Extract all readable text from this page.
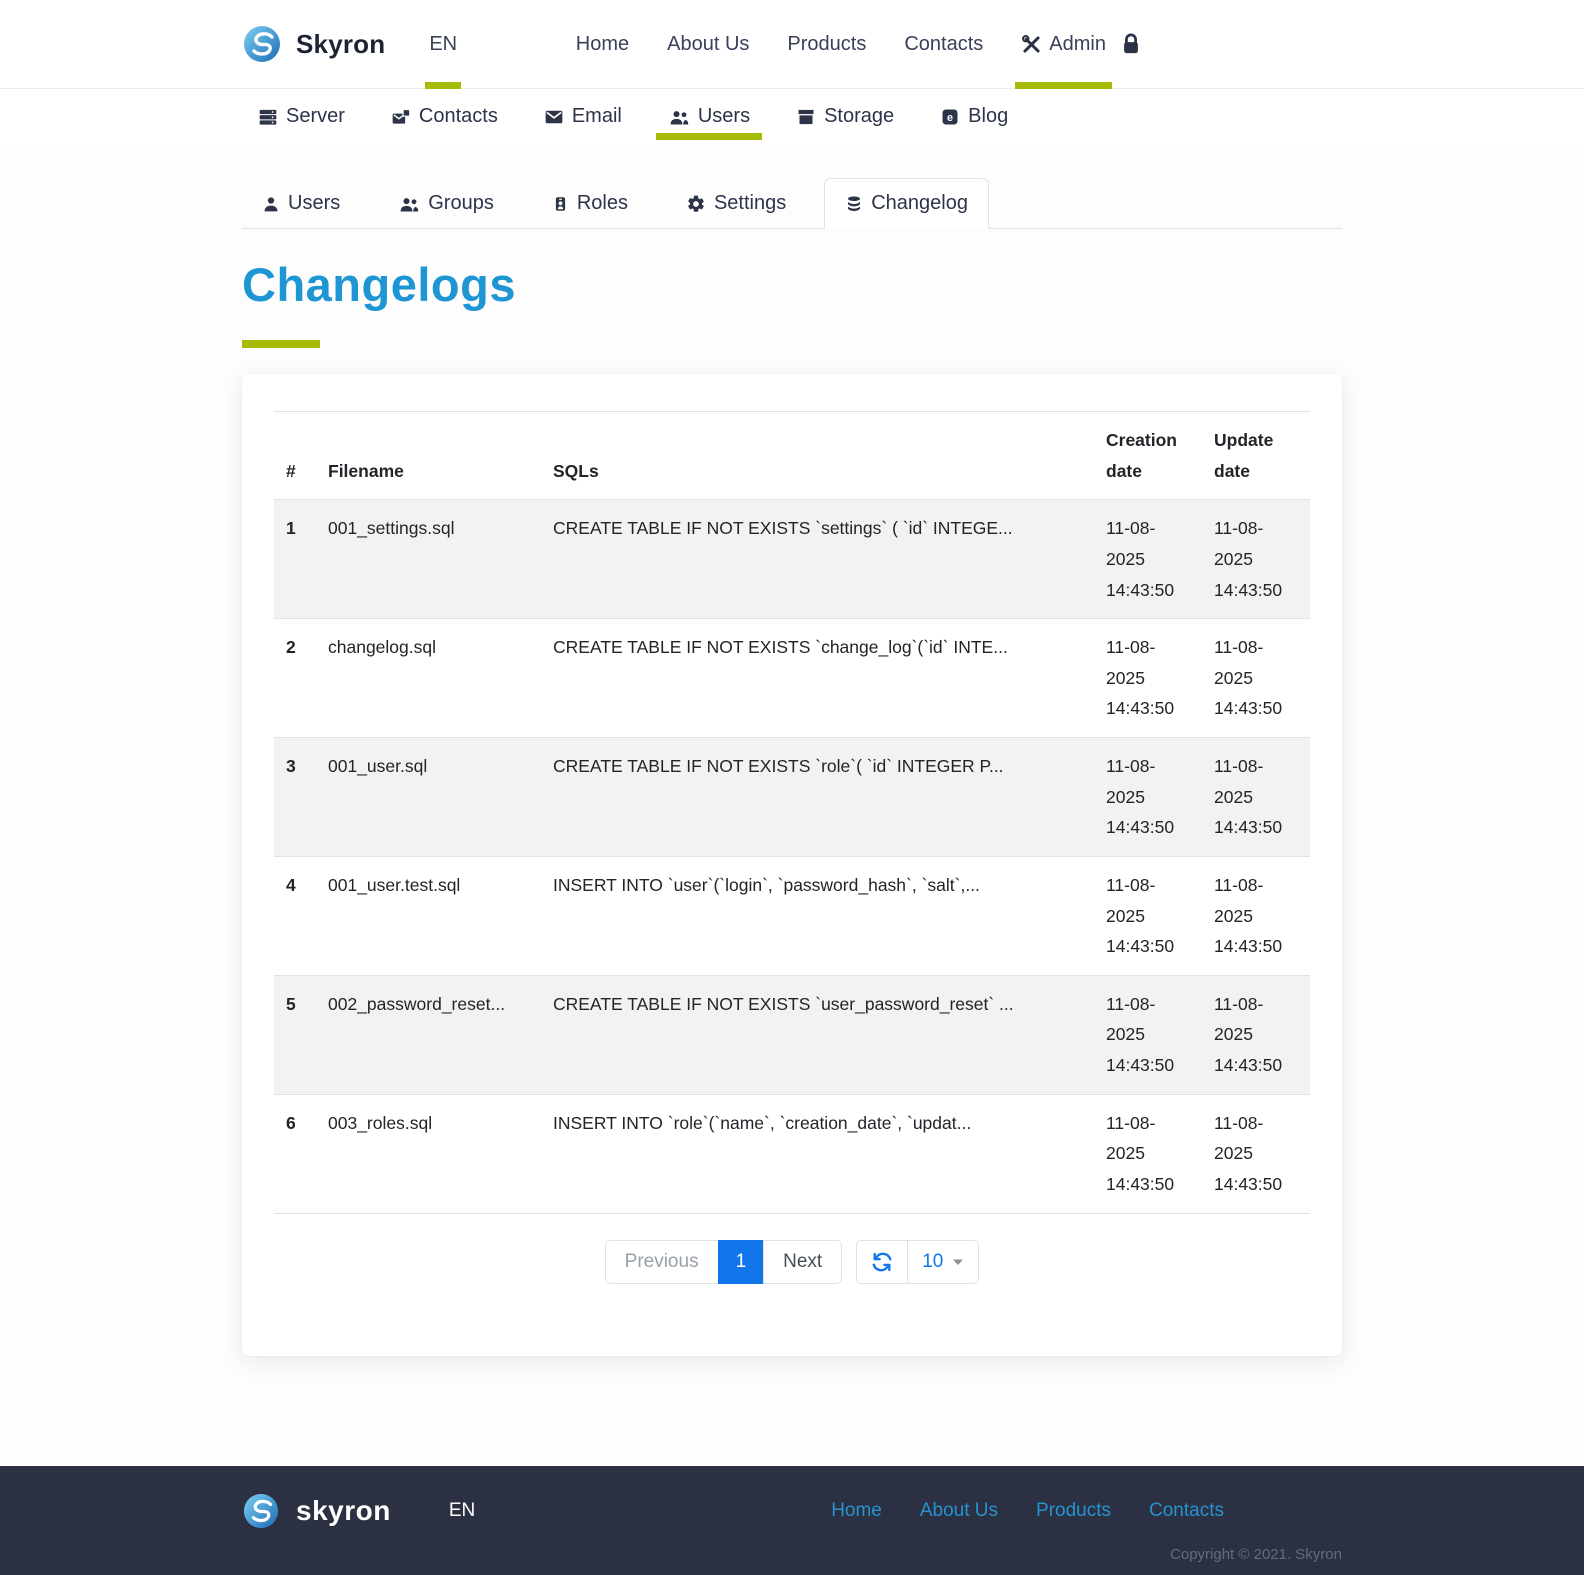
Skyron EN	Home About Us Products Contacts	Admin
Server	Contacts	Email	Users	Storage	e Blog
Users	Groups	Roles	Settings	Changelog
Changelogs
#	Filename	SQLs	Creation date	Update date
1	001_settings.sql	CREATE TABLE IF NOT EXISTS `settings` ( `id` INTEGE...	11-08-2025 14:43:50	11-08-2025 14:43:50
2	changelog.sql	CREATE TABLE IF NOT EXISTS `change_log`(`id` INTE...	11-08-2025 14:43:50	11-08-2025 14:43:50
3	001_user.sql	CREATE TABLE IF NOT EXISTS `role`( `id` INTEGER P...	11-08-2025 14:43:50	11-08-2025 14:43:50
4	001_user.test.sql	INSERT INTO `user`(`login`, `password_hash`, `salt`,...	11-08-2025 14:43:50	11-08-2025 14:43:50
5	002_password_reset...	CREATE TABLE IF NOT EXISTS `user_password_reset` ...	11-08-2025 14:43:50	11-08-2025 14:43:50
6	003_roles.sql	INSERT INTO `role`(`name`, `creation_date`, `updat...	11-08-2025 14:43:50	11-08-2025 14:43:50
Previous	1	Next	10
skyron	EN	Home About Us Products Contacts
Copyright © 2021. Skyron
